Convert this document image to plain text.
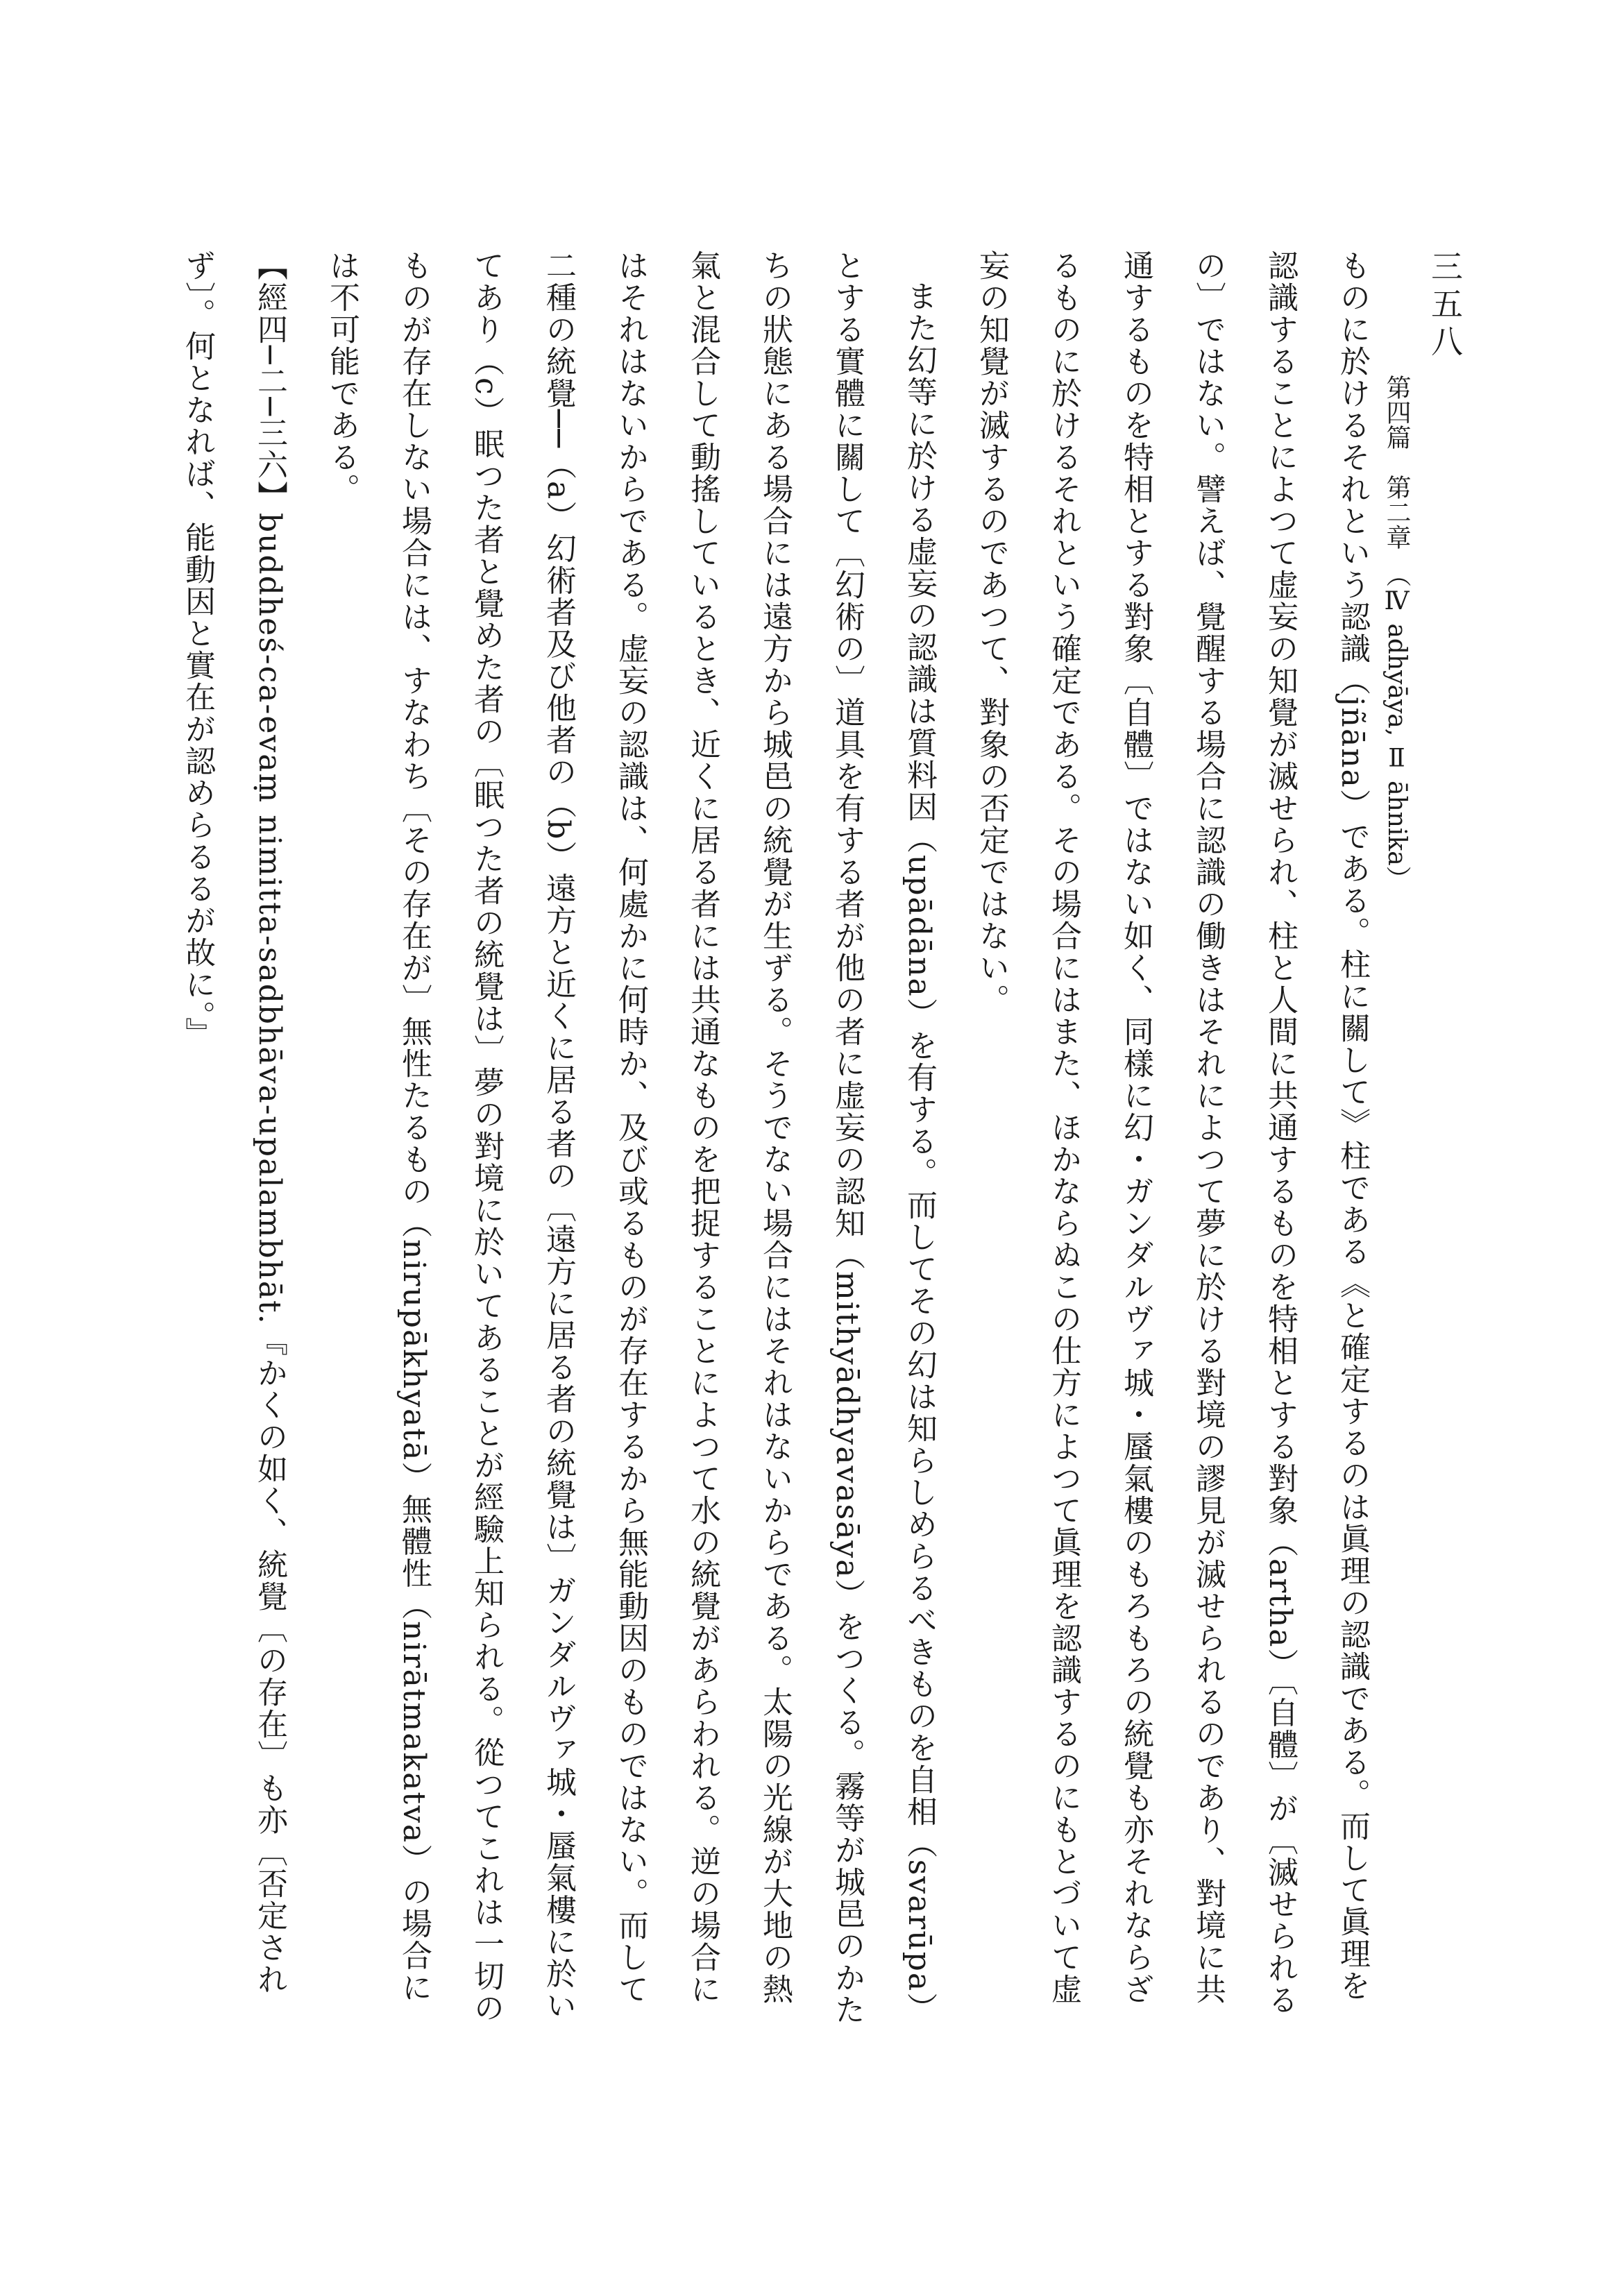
三五八
第四篇　第二章　（Ⅳ adhyāya, Ⅱ āhnika）

ものに於けるそれという認識（jñāna）である。柱に關して》柱である《と確定するのは眞理の認識である。而して眞理を認識することによつて虚妄の知覺が滅せられ、柱と人間に共通するものを特相とする對象（artha）〔自體〕が〔滅せられるの〕ではない。譬えば、覺醒する場合に認識の働きはそれによつて夢に於ける對境の謬見が滅せられるのであり、對境に共通するものを特相とする對象〔自體〕ではない如く、同樣に幻・ガンダルヴァ城・蜃氣樓のもろもろの統覺も亦それならざるものに於けるそれという確定である。その場合にはまた、ほかならぬこの仕方によつて眞理を認識するのにもとづいて虚妄の知覺が滅するのであつて、對象の否定ではない。

また幻等に於ける虚妄の認識は質料因（upādāna）を有する。而してその幻は知らしめらるべきものを自相（svarūpa）とする實體に關して〔幻術の〕道具を有する者が他の者に虚妄の認知（mithyādhyavasāya）をつくる。霧等が城邑のかたちの狀態にある場合には遠方から城邑の統覺が生ずる。そうでない場合にはそれはないからである。太陽の光線が大地の熱氣と混合して動搖しているとき、近くに居る者には共通なものを把捉することによつて水の統覺があらわれる。逆の場合にはそれはないからである。虚妄の認識は、何處かに何時か、及び或るものが存在するから無能動因のものではない。而して二種の統覺──（a）幻術者及び他者の（b）遠方と近くに居る者の〔遠方に居る者の統覺は〕ガンダルヴァ城・蜃氣樓に於いてあり（c）眠つた者と覺めた者の〔眠つた者の統覺は〕夢の對境に於いてあることが經驗上知られる。從つてこれは一切のものが存在しない場合には、すなわち〔その存在が〕無性たるもの（nirupākhyatā）無體性（nirātmakatva）の場合には不可能である。

【經四─二─三六】buddheś-ca-evaṃ nimitta-sadbhāva-upalambhāt.『かくの如く、統覺〔の存在〕も亦〔否定されず〕。何となれば、能動因と實在が認めらるるが故に。』
